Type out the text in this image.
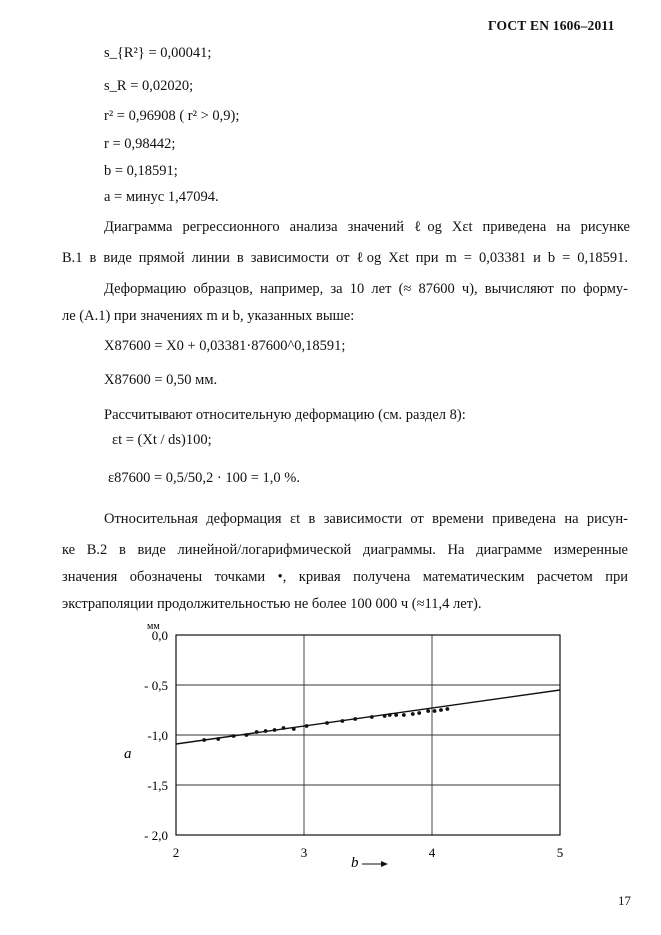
ГОСТ EN 1606–2011
s_{R²} = 0,00041;
s_R = 0,02020;
r² = 0,96908 ( r² > 0,9);
r = 0,98442;
b = 0,18591;
a = минус 1,47094.
Диаграмма регрессионного анализа значений ℓog Xεt приведена на рисунке
В.1 в виде прямой линии в зависимости от ℓog Xεt при m = 0,03381 и b = 0,18591.
Деформацию образцов, например, за 10 лет (≈ 87600 ч), вычисляют по форму-
ле (А.1) при значениях m и b, указанных выше:
X87600 = X0 + 0,03381·87600^0,18591;
X87600 = 0,50 мм.
Рассчитывают относительную деформацию (см. раздел 8):
εt = (Xt / ds)100;
ε87600 = 0,5/50,2 · 100 = 1,0 %.
Относительная деформация εt в зависимости от времени приведена на рисун-
ке В.2 в виде линейной/логарифмической диаграммы. На диаграмме измеренные
значения обозначены точками •, кривая получена математическим расчетом при
экстраполяции продолжительностью не более 100 000 ч (≈11,4 лет).
0,0
- 0,5
-1,0
-1,5
- 2,0
2	3	4	5
мм
a
b
17
